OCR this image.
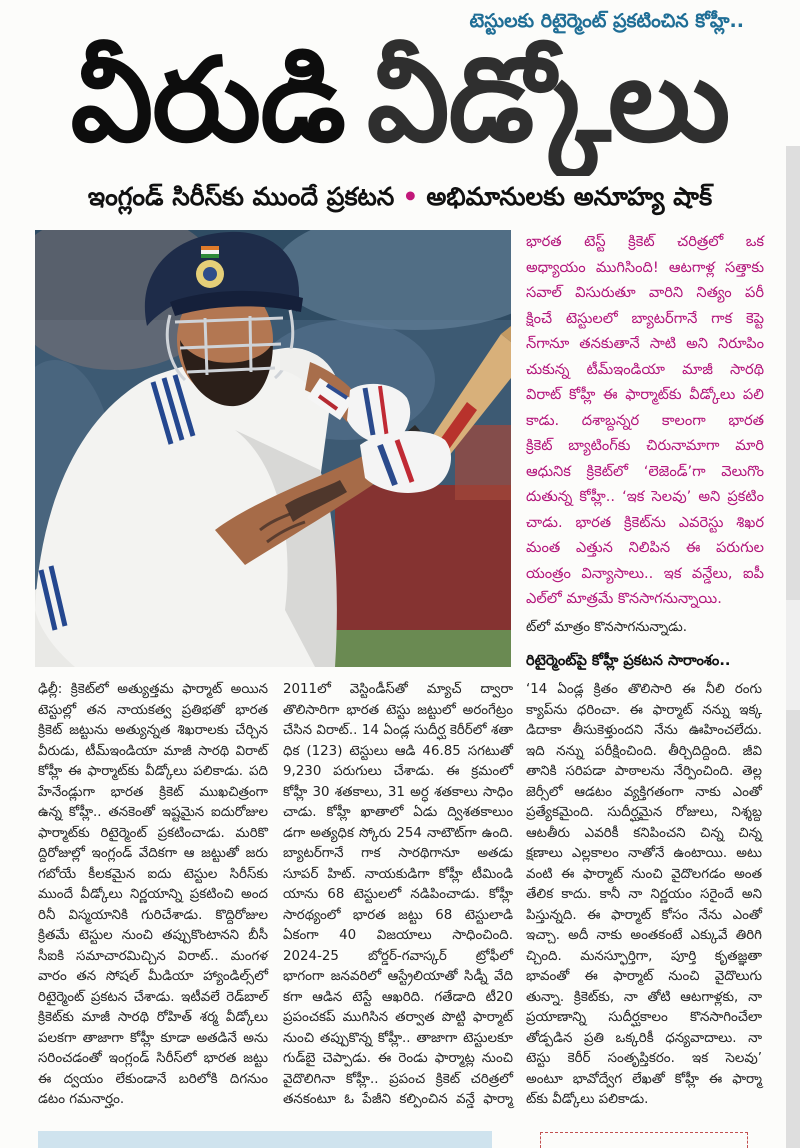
టెస్టులకు రిటైర్మెంట్ ప్రకటించిన కోహ్లీ..
వీరుడి వీడ్కోలు
ఇంగ్లండ్ సిరీస్‌కు ముందే ప్రకటన • అభిమానులకు అనూహ్య షాక్
భారత టెస్ట్ క్రికెట్ చరిత్రలో ఒక
అధ్యాయం ముగిసింది! ఆటగాళ్ల సత్తాకు
సవాల్ విసురుతూ వారిని నిత్యం పరీ
క్షించే టెస్టులలో బ్యాటర్‌గానే గాక కెప్టె
న్‌గానూ తనకుతానే సాటి అని నిరూపిం
చుకున్న టీమ్‌ఇండియా మాజీ సారథి
విరాట్ కోహ్లీ ఈ ఫార్మాట్‌కు వీడ్కోలు పలి
కాడు. దశాబ్దన్నర కాలంగా భారత
క్రికెట్ బ్యాటింగ్‌కు చిరునామాగా మారి
ఆధునిక క్రికెట్‌లో ‘లెజెండ్’గా వెలుగొం
దుతున్న కోహ్లీ.. ‘ఇక సెలవు’ అని ప్రకటిం
చాడు. భారత క్రికెట్‌ను ఎవరెస్టు శిఖర
మంత ఎత్తున నిలిపిన ఈ పరుగుల
యంత్రం విన్యాసాలు.. ఇక వన్డేలు, ఐపీ
ఎల్‌లో మాత్రమే కొనసాగనున్నాయి.
ట్‌లో మాత్రం కొనసాగనున్నాడు.
రిటైర్మెంట్‌పై కోహ్లీ ప్రకటన సారాంశం..
ఢిల్లీ: క్రికెట్‌లో అత్యుత్తమ ఫార్మాట్ అయిన
టెస్టుల్లో తన నాయకత్వ ప్రతిభతో భారత
క్రికెట్ జట్టును అత్యున్నత శిఖరాలకు చేర్చిన
వీరుడు, టీమ్‌ఇండియా మాజీ సారథి విరాట్
కోహ్లీ ఈ ఫార్మాట్‌కు వీడ్కోలు పలికాడు. పది
హేనేండ్లుగా భారత క్రికెట్ ముఖచిత్రంగా
ఉన్న కోహ్లీ.. తనకెంతో ఇష్టమైన ఐదురోజుల
ఫార్మాట్‌కు రిటైర్మెంట్ ప్రకటించాడు. మరికొ
ద్దిరోజుల్లో ఇంగ్లండ్ వేదికగా ఆ జట్టుతో జరు
గబోయే కీలకమైన ఐదు టెస్టుల సిరీస్‌కు
ముందే వీడ్కోలు నిర్ణయాన్ని ప్రకటించి అంద
రినీ విస్మయానికి గురిచేశాడు. కొద్దిరోజుల
క్రితమే టెస్టుల నుంచి తప్పుకొంటానని బీసీ
సీఐకి సమాచారమిచ్చిన విరాట్.. మంగళ
వారం తన సోషల్ మీడియా హ్యాండిల్స్‌లో
రిటైర్మెంట్ ప్రకటన చేశాడు. ఇటీవలే రెడ్‌బాల్
క్రికెట్‌కు మాజీ సారథి రోహిత్ శర్మ వీడ్కోలు
పలకగా తాజాగా కోహ్లీ కూడా అతడినే అను
సరించడంతో ఇంగ్లండ్ సిరీస్‌లో భారత జట్టు
ఈ ద్వయం లేకుండానే బరిలోకి దిగనుం
డటం గమనార్హం.
2011లో వెస్టిండీస్‌తో మ్యాచ్ ద్వారా
తొలిసారిగా భారత టెస్టు జట్టులో అరంగేట్రం
చేసిన విరాట్.. 14 ఏండ్ల సుదీర్ఘ కెరీర్‌లో శతా
ధిక (123) టెస్టులు ఆడి 46.85 సగటుతో
9,230 పరుగులు చేశాడు. ఈ క్రమంలో
కోహ్లీ 30 శతకాలు, 31 అర్ధ శతకాలు సాధిం
చాడు. కోహ్లీ ఖాతాలో ఏడు ద్విశతకాలుం
డగా అత్యధిక స్కోరు 254 నాటౌట్‌గా ఉంది.
బ్యాటర్‌గానే గాక సారథిగానూ అతడు
సూపర్ హిట్. నాయకుడిగా కోహ్లీ టీమిండి
యాను 68 టెస్టులలో నడిపించాడు. కోహ్లీ
సారథ్యంలో భారత జట్టు 68 టెస్టులాడి
ఏకంగా 40 విజయాలు సాధించింది.
2024-25 బోర్డర్-గవాస్కర్ ట్రోఫీలో
భాగంగా జనవరిలో ఆస్ట్రేలియాతో సిడ్నీ వేది
కగా ఆడిన టెస్టే ఆఖరిది. గతేడాది టీ20
ప్రపంచకప్ ముగిసిన తర్వాత పొట్టి ఫార్మాట్
నుంచి తప్పుకొన్న కోహ్లీ.. తాజాగా టెస్టులకూ
గుడ్‌బై చెప్పాడు. ఈ రెండు ఫార్మాట్ల నుంచి
వైదొలిగినా కోహ్లీ.. ప్రపంచ క్రికెట్ చరిత్రలో
తనకంటూ ఓ పేజీని కల్పించిన వన్డే ఫార్మా
‘14 ఏండ్ల క్రితం తొలిసారి ఈ నీలి రంగు
క్యాప్‌ను ధరించా. ఈ ఫార్మాట్ నన్ను ఇక్క
డిదాకా తీసుకెళ్తుందని నేను ఊహించలేదు.
ఇది నన్ను పరీక్షించింది. తీర్చిదిద్దింది. జీవి
తానికి సరిపడా పాఠాలను నేర్పించింది. తెల్ల
జెర్సీలో ఆడటం వ్యక్తిగతంగా నాకు ఎంతో
ప్రత్యేకమైంది. సుదీర్ఘమైన రోజులు, నిశ్శబ్ద
ఆటతీరు ఎవరికీ కనిపించని చిన్న చిన్న
క్షణాలు ఎల్లకాలం నాతోనే ఉంటాయి. అటు
వంటి ఈ ఫార్మాట్ నుంచి వైదొలగడం అంత
తేలిక కాదు. కానీ నా నిర్ణయం సరైందే అని
పిస్తున్నది. ఈ ఫార్మాట్ కోసం నేను ఎంతో
ఇచ్చా. అదీ నాకు అంతకంటే ఎక్కువే తిరిగి
చ్చింది. మనస్ఫూర్తిగా, పూర్తి కృతజ్ఞతా
భావంతో ఈ ఫార్మాట్ నుంచి వైదొలుగు
తున్నా. క్రికెట్‌కు, నా తోటి ఆటగాళ్లకు, నా
ప్రయాణాన్ని సుదీర్ఘకాలం కొనసాగించేలా
తోడ్పడిన ప్రతి ఒక్కరికీ ధన్యవాదాలు. నా
టెస్టు కెరీర్ సంతృప్తికరం. ఇక సెలవు’
అంటూ భావోద్వేగ లేఖతో కోహ్లీ ఈ ఫార్మా
ట్‌కు వీడ్కోలు పలికాడు.
